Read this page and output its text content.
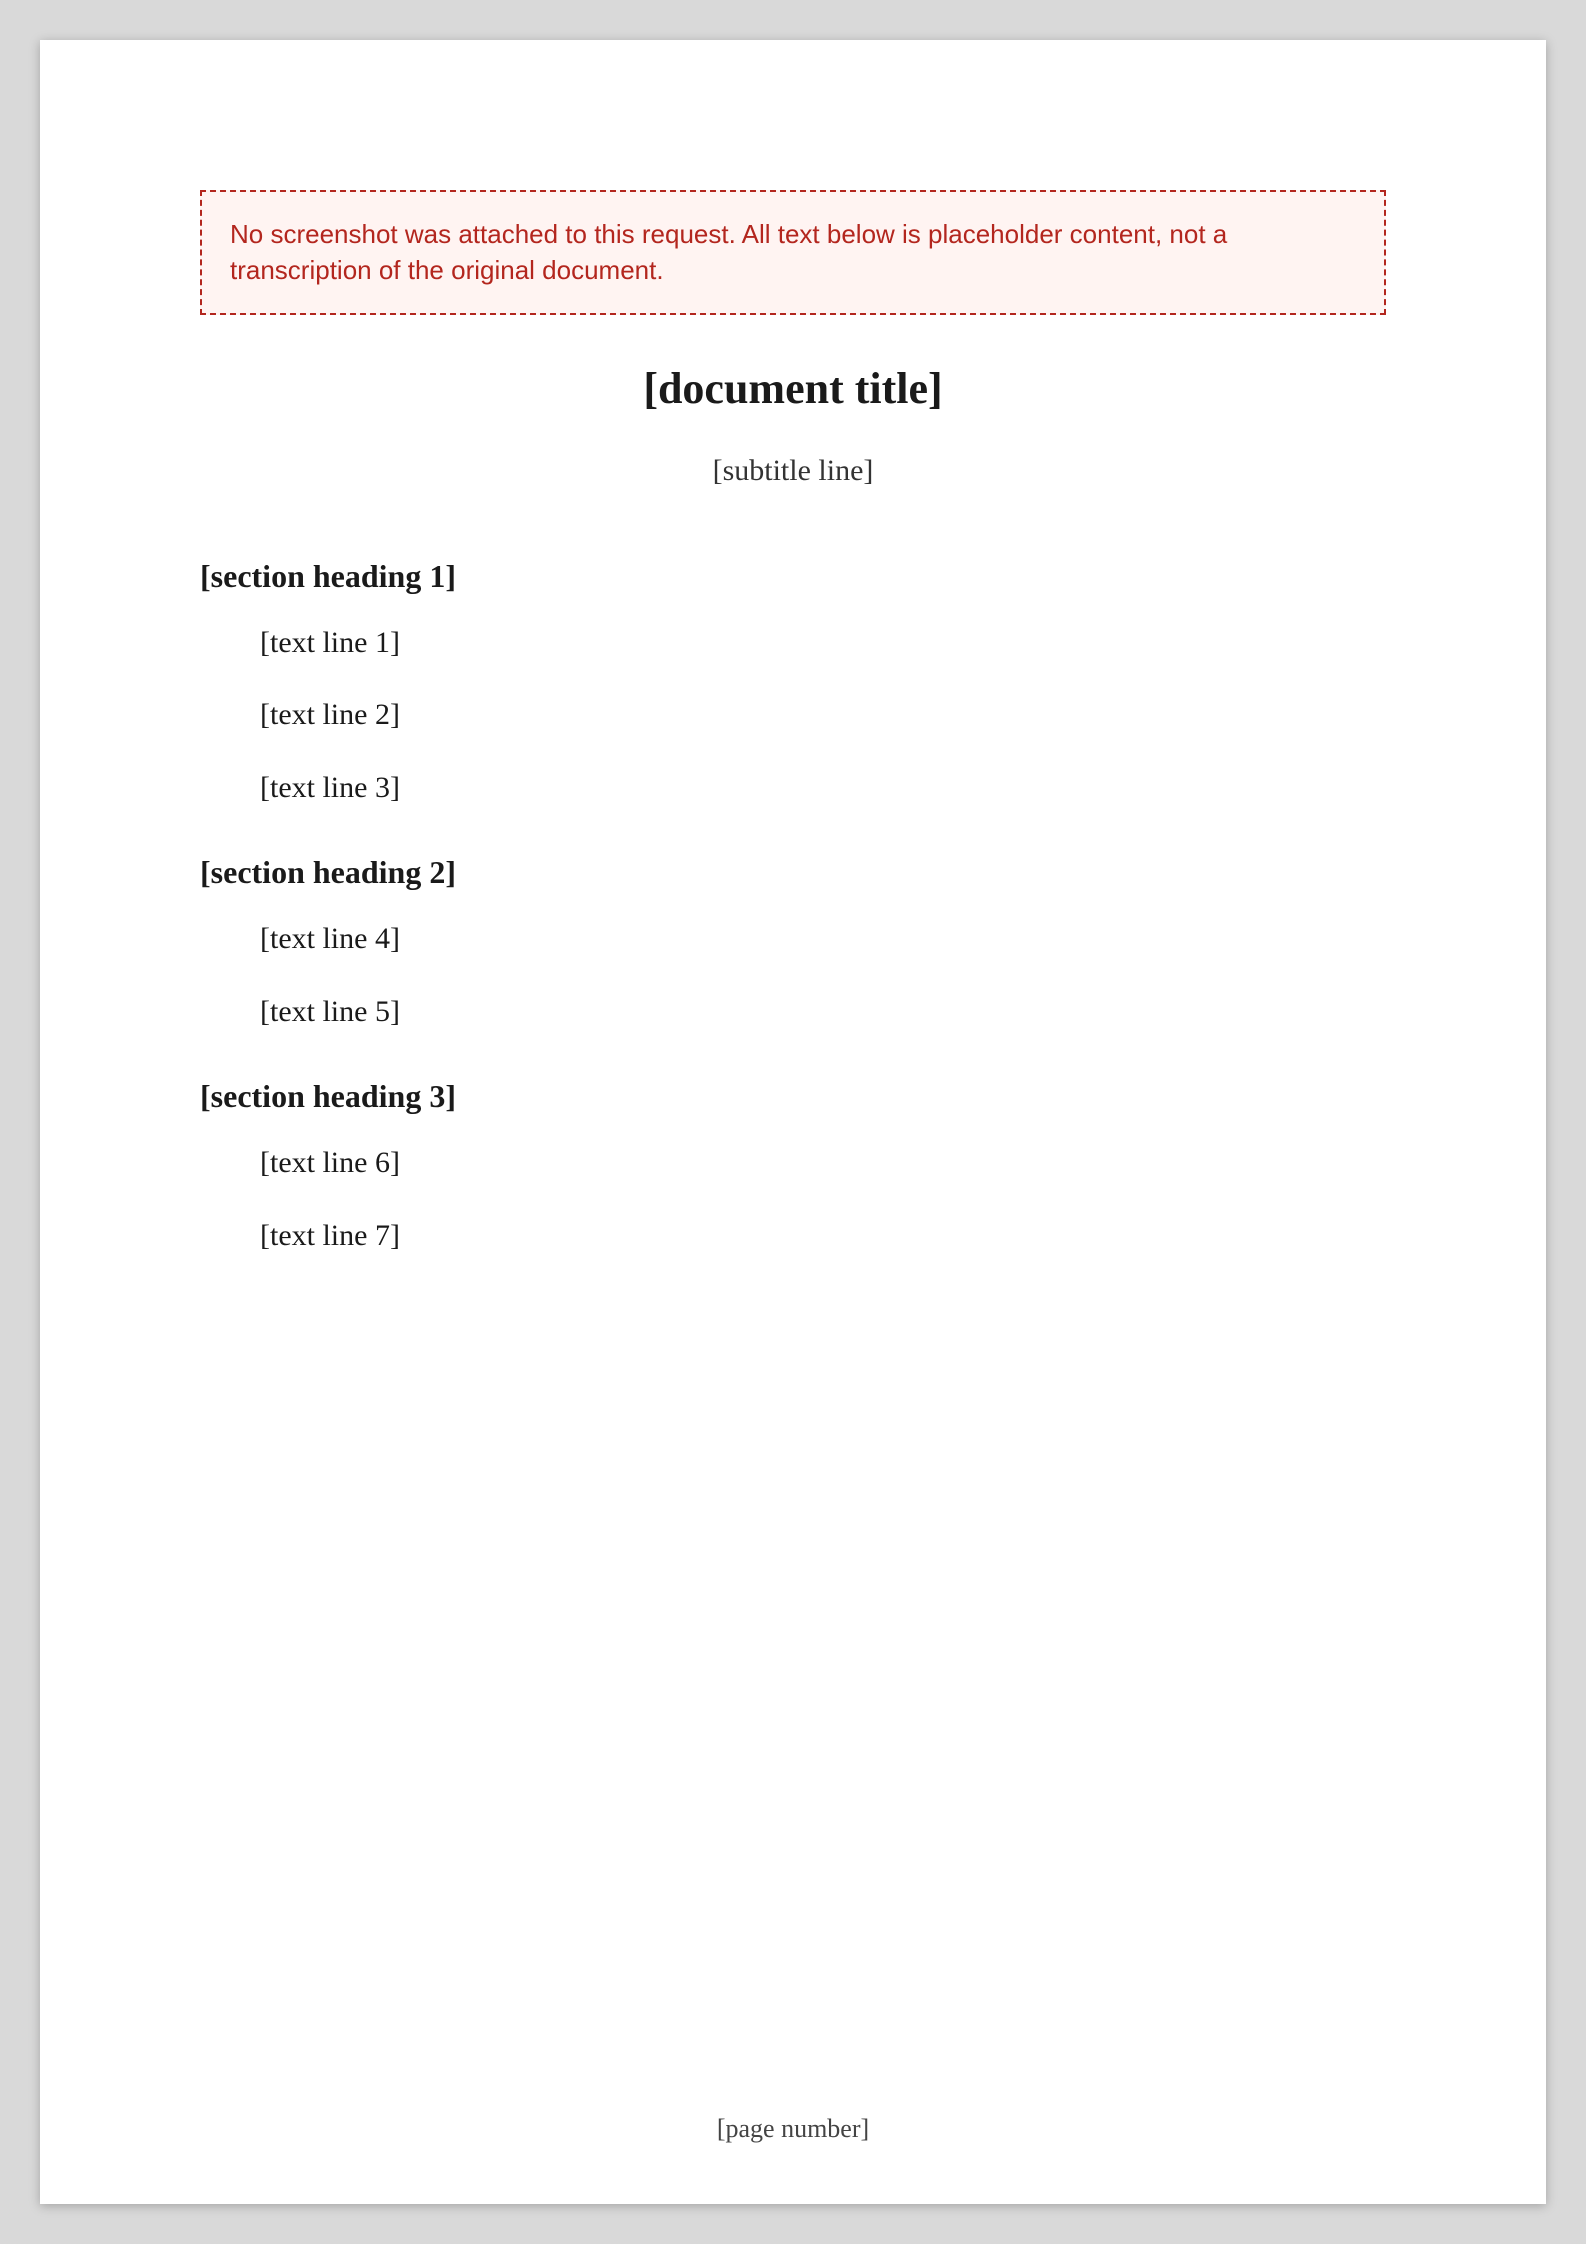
No screenshot was attached to this request. All text below is placeholder content, not a transcription of the original document.
[document title]
[subtitle line]
[section heading 1]

[text line 1]

[text line 2]

[text line 3]

[section heading 2]

[text line 4]

[text line 5]

[section heading 3]

[text line 6]

[text line 7]

[page number]
